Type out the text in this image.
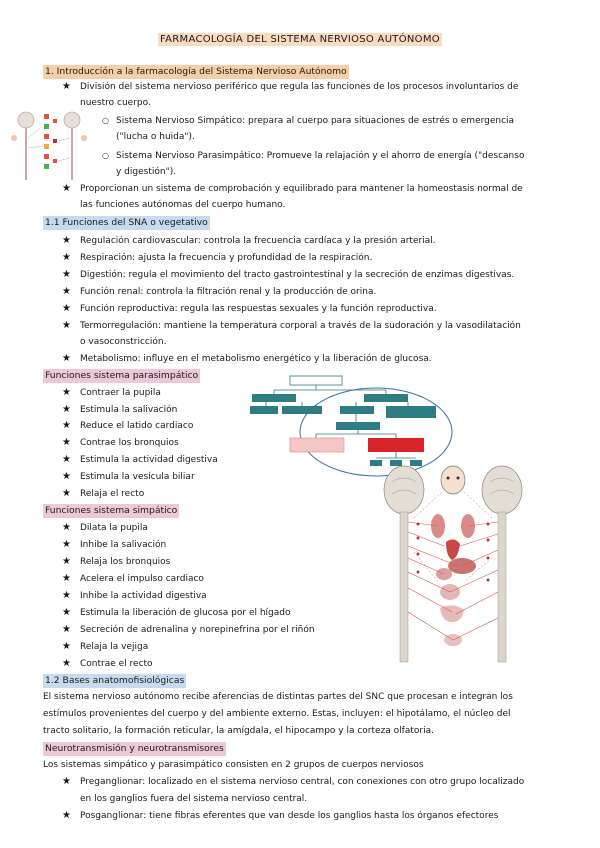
FARMACOLOGÍA DEL SISTEMA NERVIOSO AUTÓNOMO
1. Introducción a la farmacología del Sistema Nervioso Autónomo
★ División del sistema nervioso periférico que regula las funciones de los procesos involuntarios de
nuestro cuerpo.
○ Sistema Nervioso Simpático: prepara al cuerpo para situaciones de estrés o emergencia
("lucha o huida").
○ Sistema Nervioso Parasimpático: Promueve la relajación y el ahorro de energía ("descanso
y digestión").
★ Proporcionan un sistema de comprobación y equilibrado para mantener la homeostasis normal de
las funciones autónomas del cuerpo humano.
1.1 Funciones del SNA o vegetativo
★ Regulación cardiovascular: controla la frecuencia cardíaca y la presión arterial.
★ Respiración: ajusta la frecuencia y profundidad de la respiración.
★ Digestión: regula el movimiento del tracto gastrointestinal y la secreción de enzimas digestivas.
★ Función renal: controla la filtración renal y la producción de orina.
★ Función reproductiva: regula las respuestas sexuales y la función reproductiva.
★ Termorregulación: mantiene la temperatura corporal a través de la sudoración y la vasodilatación
o vasoconstricción.
★ Metabolismo: influye en el metabolismo energético y la liberación de glucosa.
Funciones sistema parasimpático
★ Contraer la pupila
★ Estimula la salivación
★ Reduce el latido cardiaco
★ Contrae los bronquios
★ Estimula la actividad digestiva
★ Estimula la vesícula biliar
★ Relaja el recto
Funciones sistema simpático
★ Dilata la pupila
★ Inhibe la salivación
★ Relaja los bronquios
★ Acelera el impulso cardiaco
★ Inhibe la actividad digestiva
★ Estimula la liberación de glucosa por el hígado
★ Secreción de adrenalina y norepinefrina por el riñón
★ Relaja la vejiga
★ Contrae el recto
1.2 Bases anatomofisiológicas
El sistema nervioso autónomo recibe aferencias de distintas partes del SNC que procesan e integran los
estímulos provenientes del cuerpo y del ambiente externo. Estas, incluyen: el hipotálamo, el núcleo del
tracto solitario, la formación reticular, la amígdala, el hipocampo y la corteza olfatoria.
Neurotransmisión y neurotransmisores
Los sistemas simpático y parasimpático consisten en 2 grupos de cuerpos nerviosos
★ Preganglionar: localizado en el sistema nervioso central, con conexiones con otro grupo localizado
en los ganglios fuera del sistema nervioso central.
★ Posganglionar: tiene fibras eferentes que van desde los ganglios hasta los órganos efectores
